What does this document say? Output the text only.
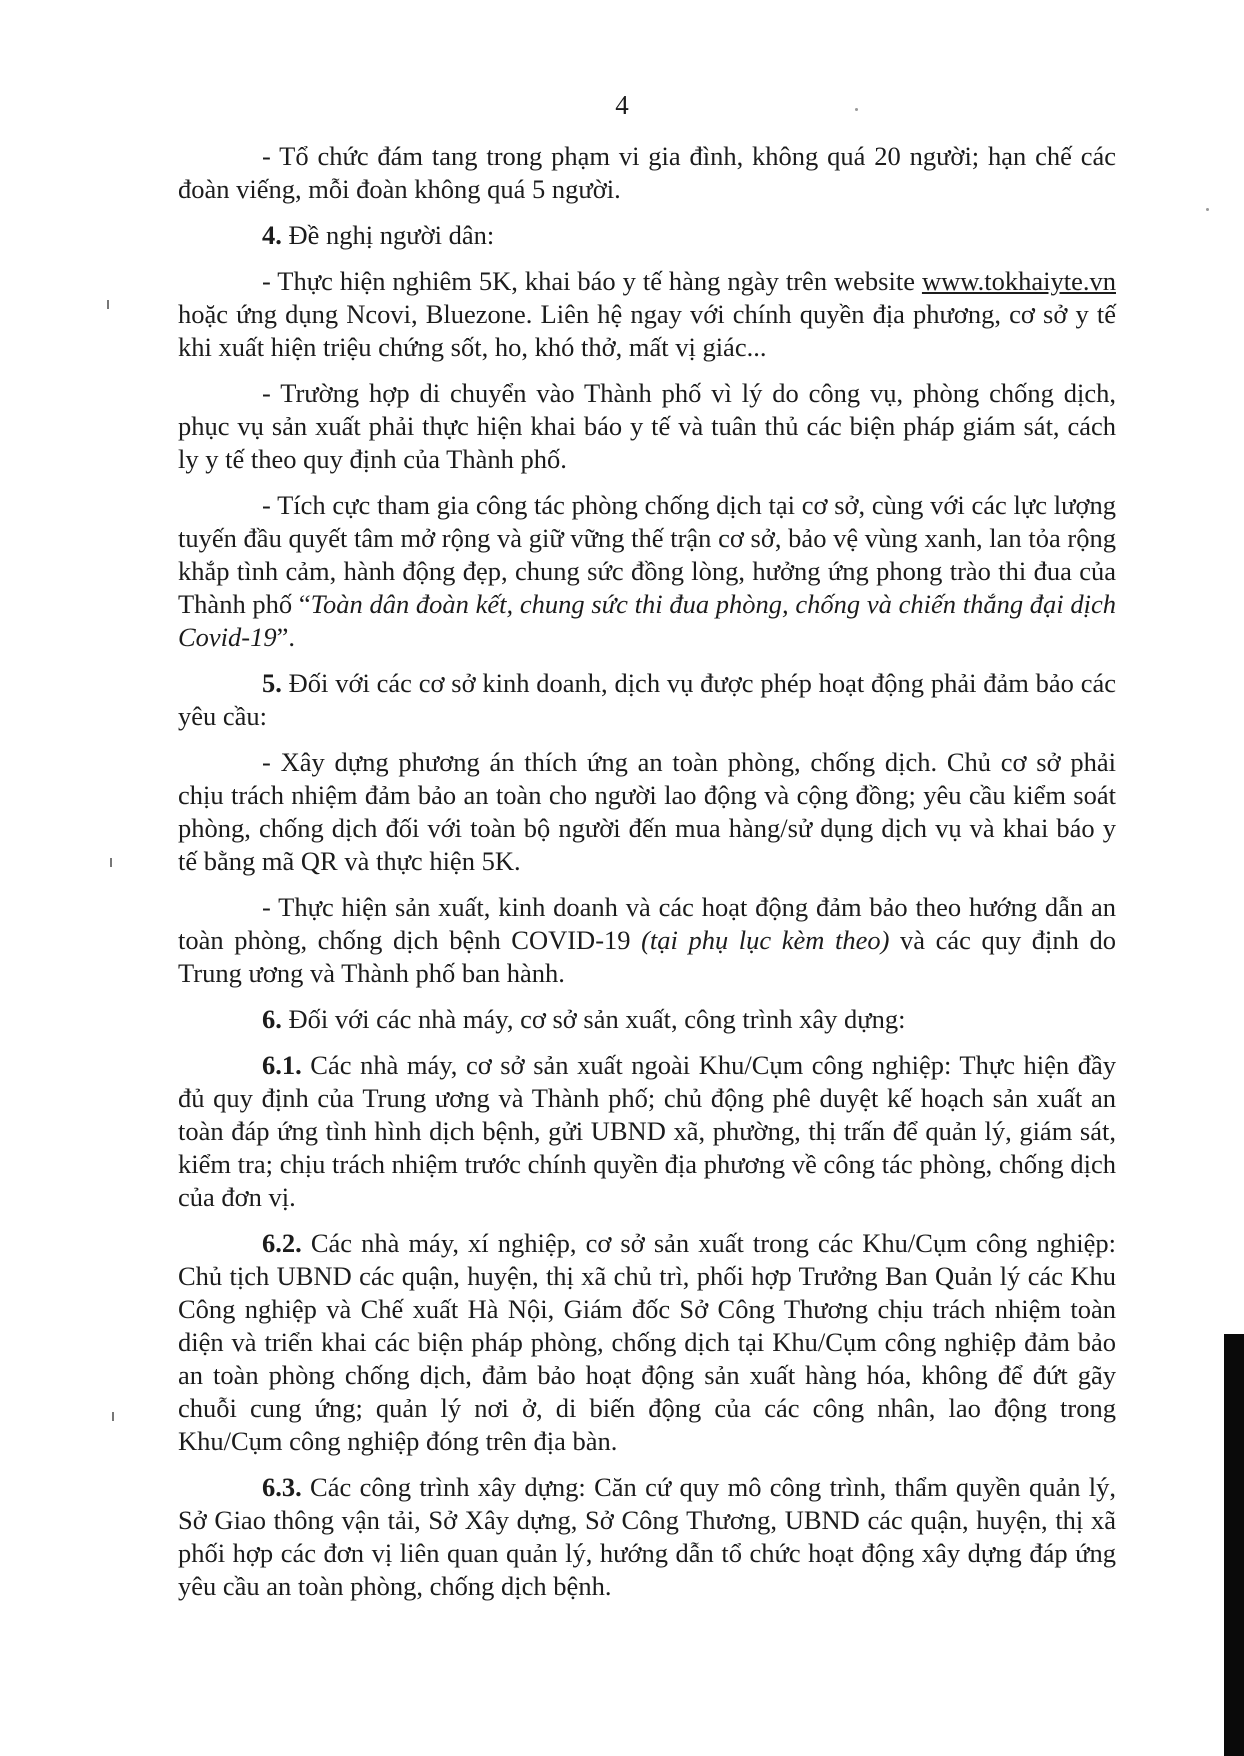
4

- Tổ chức đám tang trong phạm vi gia đình, không quá 20 người; hạn chế các đoàn viếng, mỗi đoàn không quá 5 người.

4. Đề nghị người dân:

- Thực hiện nghiêm 5K, khai báo y tế hàng ngày trên website www.tokhaiyte.vn hoặc ứng dụng Ncovi, Bluezone. Liên hệ ngay với chính quyền địa phương, cơ sở y tế khi xuất hiện triệu chứng sốt, ho, khó thở, mất vị giác...

- Trường hợp di chuyển vào Thành phố vì lý do công vụ, phòng chống dịch, phục vụ sản xuất phải thực hiện khai báo y tế và tuân thủ các biện pháp giám sát, cách ly y tế theo quy định của Thành phố.

- Tích cực tham gia công tác phòng chống dịch tại cơ sở, cùng với các lực lượng tuyến đầu quyết tâm mở rộng và giữ vững thế trận cơ sở, bảo vệ vùng xanh, lan tỏa rộng khắp tình cảm, hành động đẹp, chung sức đồng lòng, hưởng ứng phong trào thi đua của Thành phố “Toàn dân đoàn kết, chung sức thi đua phòng, chống và chiến thắng đại dịch Covid-19”.

5. Đối với các cơ sở kinh doanh, dịch vụ được phép hoạt động phải đảm bảo các yêu cầu:

- Xây dựng phương án thích ứng an toàn phòng, chống dịch. Chủ cơ sở phải chịu trách nhiệm đảm bảo an toàn cho người lao động và cộng đồng; yêu cầu kiểm soát phòng, chống dịch đối với toàn bộ người đến mua hàng/sử dụng dịch vụ và khai báo y tế bằng mã QR và thực hiện 5K.

- Thực hiện sản xuất, kinh doanh và các hoạt động đảm bảo theo hướng dẫn an toàn phòng, chống dịch bệnh COVID-19 (tại phụ lục kèm theo) và các quy định do Trung ương và Thành phố ban hành.

6. Đối với các nhà máy, cơ sở sản xuất, công trình xây dựng:

6.1. Các nhà máy, cơ sở sản xuất ngoài Khu/Cụm công nghiệp: Thực hiện đầy đủ quy định của Trung ương và Thành phố; chủ động phê duyệt kế hoạch sản xuất an toàn đáp ứng tình hình dịch bệnh, gửi UBND xã, phường, thị trấn để quản lý, giám sát, kiểm tra; chịu trách nhiệm trước chính quyền địa phương về công tác phòng, chống dịch của đơn vị.

6.2. Các nhà máy, xí nghiệp, cơ sở sản xuất trong các Khu/Cụm công nghiệp: Chủ tịch UBND các quận, huyện, thị xã chủ trì, phối hợp Trưởng Ban Quản lý các Khu Công nghiệp và Chế xuất Hà Nội, Giám đốc Sở Công Thương chịu trách nhiệm toàn diện và triển khai các biện pháp phòng, chống dịch tại Khu/Cụm công nghiệp đảm bảo an toàn phòng chống dịch, đảm bảo hoạt động sản xuất hàng hóa, không để đứt gãy chuỗi cung ứng; quản lý nơi ở, di biến động của các công nhân, lao động trong Khu/Cụm công nghiệp đóng trên địa bàn.

6.3. Các công trình xây dựng: Căn cứ quy mô công trình, thẩm quyền quản lý, Sở Giao thông vận tải, Sở Xây dựng, Sở Công Thương, UBND các quận, huyện, thị xã phối hợp các đơn vị liên quan quản lý, hướng dẫn tổ chức hoạt động xây dựng đáp ứng yêu cầu an toàn phòng, chống dịch bệnh.
